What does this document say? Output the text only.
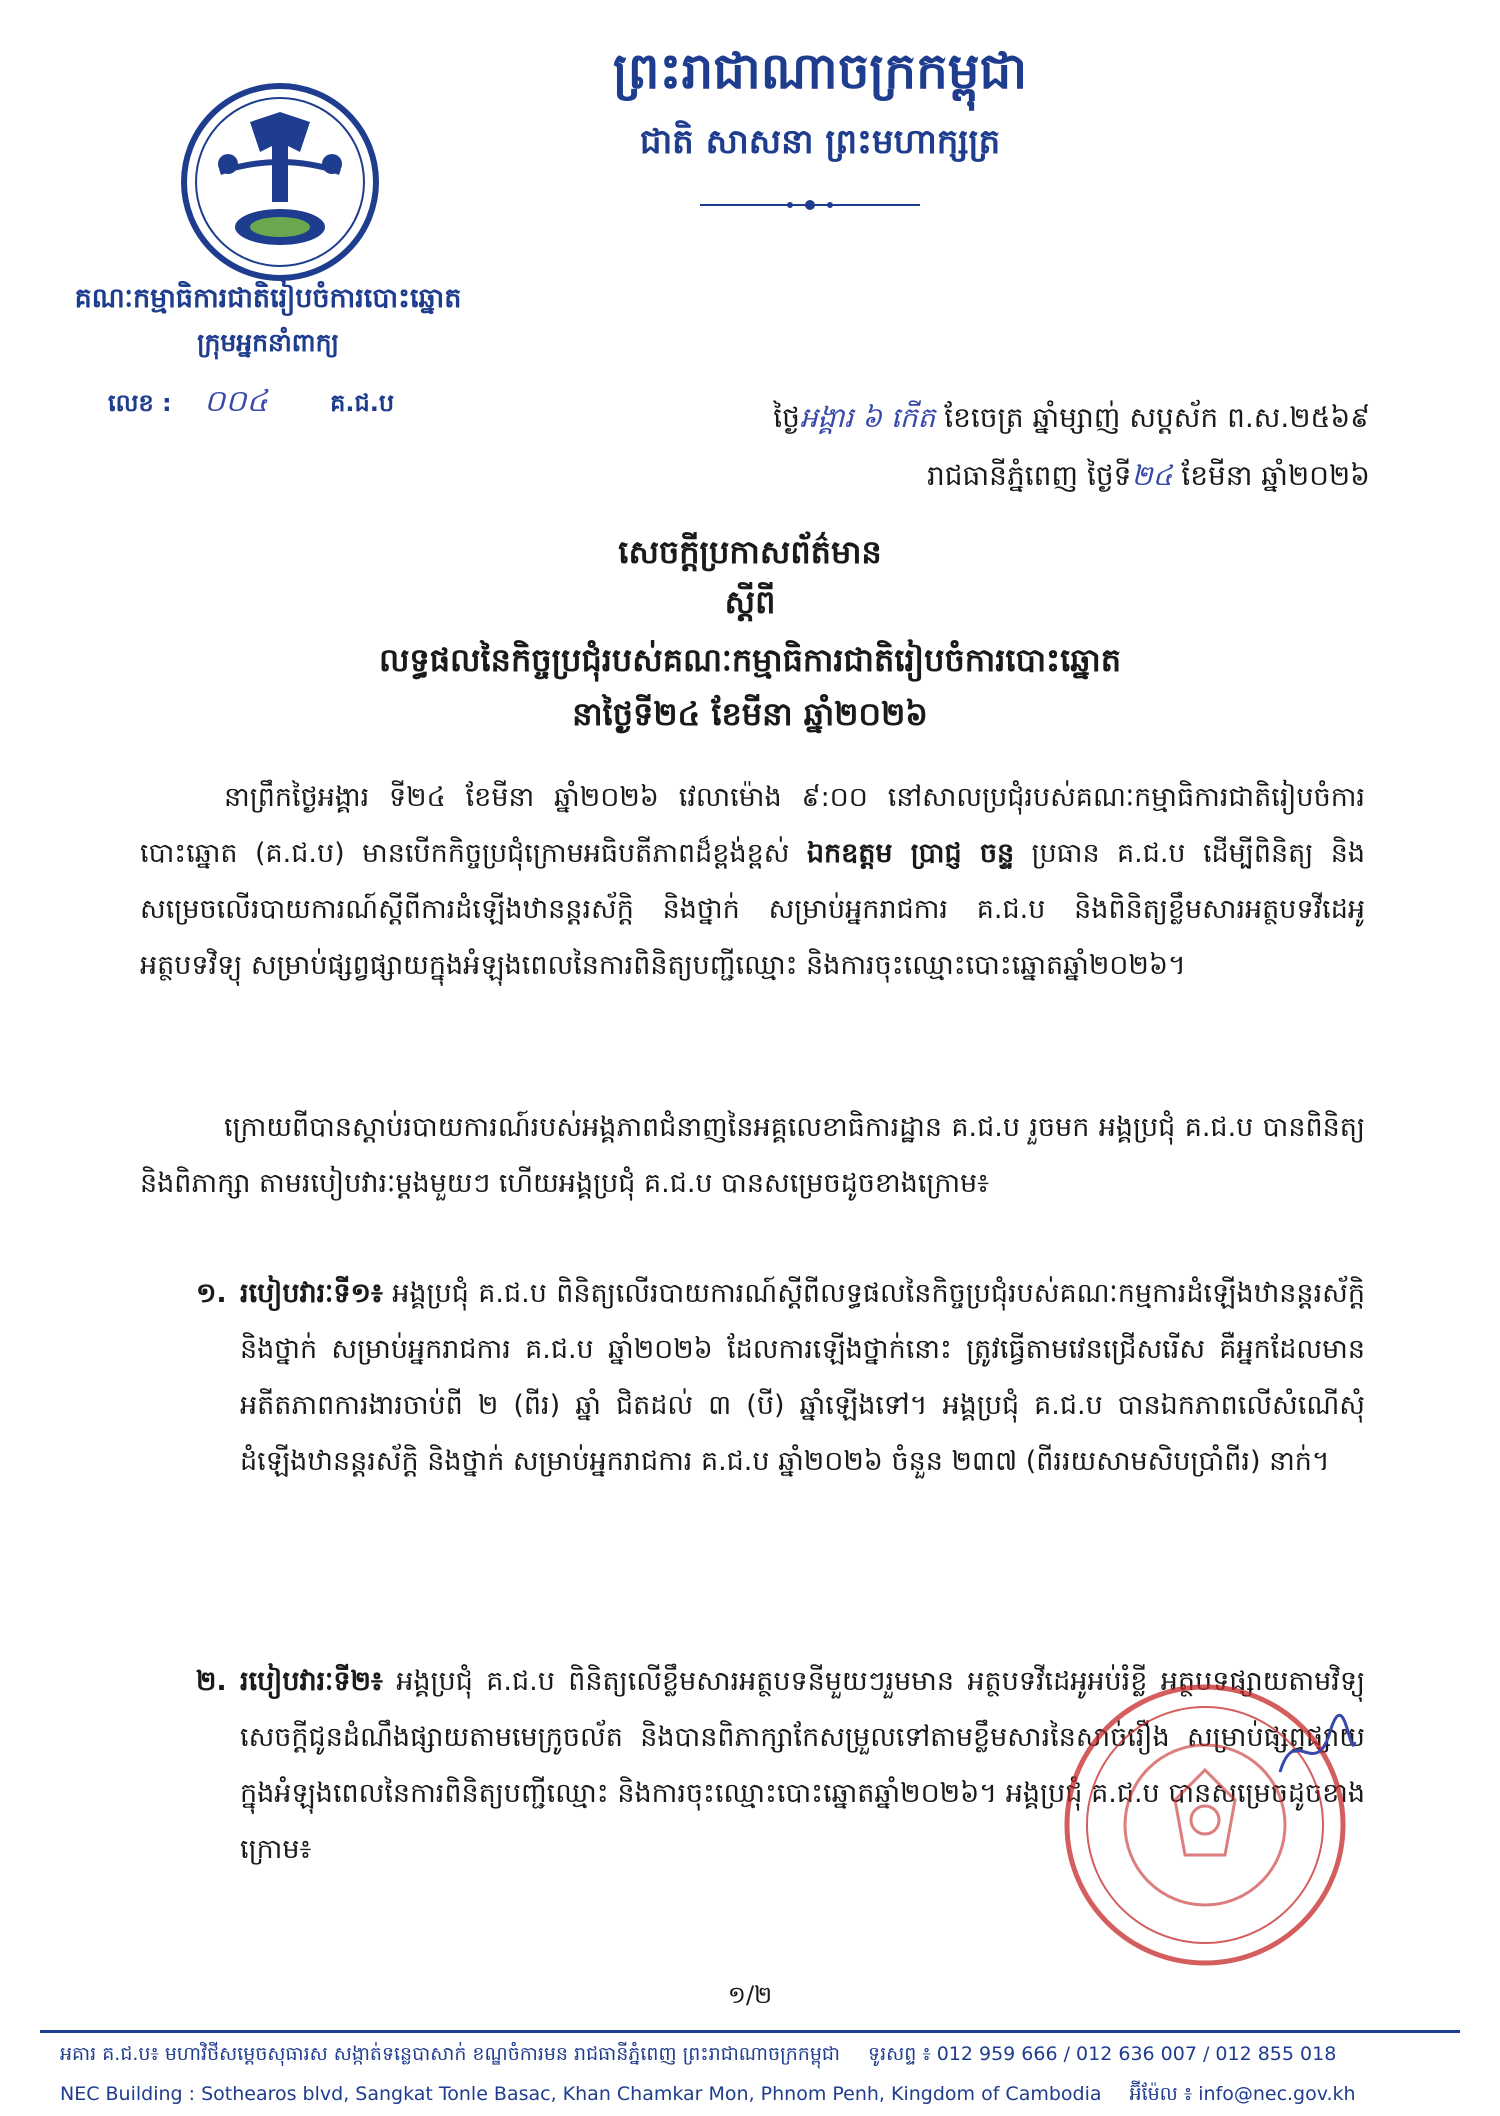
ព្រះរាជាណាចក្រកម្ពុជា
ជាតិ សាសនា ព្រះមហាក្សត្រ
គណៈកម្មាធិការជាតិរៀបចំការបោះឆ្នោត
ក្រុមអ្នកនាំពាក្យ
លេខ : ០០៤	គ.ជ.ប	ថ្ងៃអង្គារ ៦ កើត ខែចេត្រ ឆ្នាំម្សាញ់ សប្តស័ក ព.ស.២៥៦៩
រាជធានីភ្នំពេញ ថ្ងៃទី២៤ ខែមីនា ឆ្នាំ២០២៦
សេចក្តីប្រកាសព័ត៌មាន
ស្តីពី
លទ្ធផលនៃកិច្ចប្រជុំរបស់គណៈកម្មាធិការជាតិរៀបចំការបោះឆ្នោត
នាថ្ងៃទី២៤ ខែមីនា ឆ្នាំ២០២៦
នាព្រឹកថ្ងៃអង្គារ ទី២៤ ខែមីនា ឆ្នាំ២០២៦ វេលាម៉ោង ៩:០០ នៅសាលប្រជុំរបស់គណៈកម្មាធិការជាតិរៀបចំការបោះឆ្នោត (គ.ជ.ប) មានបើកកិច្ចប្រជុំក្រោមអធិបតីភាពដ៏ខ្ពង់ខ្ពស់ ឯកឧត្តម ប្រាជ្ញ ចន្ទ ប្រធាន គ.ជ.ប ដើម្បីពិនិត្យ និងសម្រេចលើរបាយការណ៍ស្តីពីការដំឡើងឋានន្តរស័ក្តិ និងថ្នាក់ សម្រាប់អ្នករាជការ គ.ជ.ប និងពិនិត្យខ្លឹមសារអត្ថបទវីដេអូ អត្ថបទវិទ្យុ សម្រាប់ផ្សព្វផ្សាយក្នុងអំឡុងពេលនៃការពិនិត្យបញ្ជីឈ្មោះ និងការចុះឈ្មោះបោះឆ្នោតឆ្នាំ២០២៦។
ក្រោយពីបានស្តាប់របាយការណ៍របស់អង្គភាពជំនាញនៃអគ្គលេខាធិការដ្ឋាន គ.ជ.ប រួចមក អង្គប្រជុំ គ.ជ.ប បានពិនិត្យ និងពិភាក្សា តាមរបៀបវារៈម្តងមួយៗ ហើយអង្គប្រជុំ គ.ជ.ប បានសម្រេចដូចខាងក្រោម៖
១. របៀបវារៈទី១៖ អង្គប្រជុំ គ.ជ.ប ពិនិត្យលើរបាយការណ៍ស្តីពីលទ្ធផលនៃកិច្ចប្រជុំរបស់គណៈកម្មការដំឡើងឋានន្តរស័ក្តិ និងថ្នាក់ សម្រាប់អ្នករាជការ គ.ជ.ប ឆ្នាំ២០២៦ ដែលការឡើងថ្នាក់នោះ ត្រូវធ្វើតាមវេនជ្រើសរើស គឺអ្នកដែលមានអតីតភាពការងារចាប់ពី ២ (ពីរ) ឆ្នាំ ជិតដល់ ៣ (បី) ឆ្នាំឡើងទៅ។ អង្គប្រជុំ គ.ជ.ប បានឯកភាពលើសំណើសុំដំឡើងឋានន្តរស័ក្តិ និងថ្នាក់ សម្រាប់អ្នករាជការ គ.ជ.ប ឆ្នាំ២០២៦ ចំនួន ២៣៧ (ពីររយសាមសិបប្រាំពីរ) នាក់។
២. របៀបវារៈទី២៖ អង្គប្រជុំ គ.ជ.ប ពិនិត្យលើខ្លឹមសារអត្ថបទនីមួយៗរួមមាន អត្ថបទវីដេអូអប់រំខ្លី អត្ថបទផ្សាយតាមវិទ្យុ សេចក្តីជូនដំណឹងផ្សាយតាមមេក្រូចល័ត និងបានពិភាក្សាកែសម្រួលទៅតាមខ្លឹមសារនៃសាច់រឿង សម្រាប់ផ្សព្វផ្សាយក្នុងអំឡុងពេលនៃការពិនិត្យបញ្ជីឈ្មោះ និងការចុះឈ្មោះបោះឆ្នោតឆ្នាំ២០២៦។ អង្គប្រជុំ គ.ជ.ប បានសម្រេចដូចខាងក្រោម៖
១/២
អគារ គ.ជ.ប៖ មហាវិថីសម្តេចសុធារស សង្កាត់ទន្លេបាសាក់ ខណ្ឌចំការមន រាជធានីភ្នំពេញ ព្រះរាជាណាចក្រកម្ពុជា ទូរសព្ទ ៖ 012 959 666 / 012 636 007 / 012 855 018
NEC Building : Sothearos blvd, Sangkat Tonle Basac, Khan Chamkar Mon, Phnom Penh, Kingdom of Cambodia អ៊ីម៉ែល ៖ info@nec.gov.kh
